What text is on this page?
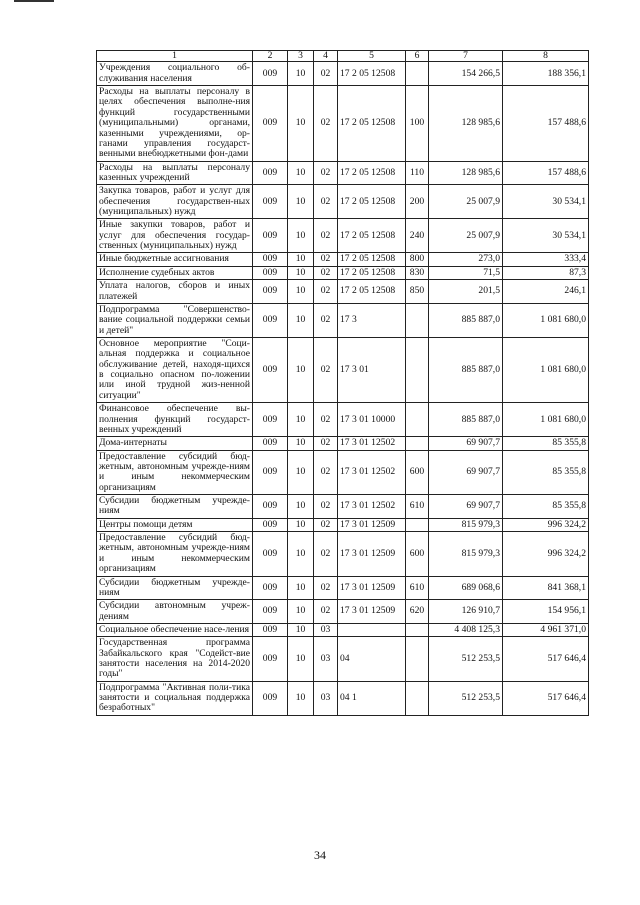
1	2	3	4	5	6	7	8
Учреждения социального об-служивания населения	009	10	02	17 2 05 12508		154 266,5	188 356,1
Расходы на выплаты персоналу в целях обеспечения выполне-ния функций государственными (муниципальными) органами, казенными учреждениями, ор-ганами управления государст-венными внебюджетными фон-дами	009	10	02	17 2 05 12508	100	128 985,6	157 488,6
Расходы на выплаты персоналу казенных учреждений	009	10	02	17 2 05 12508	110	128 985,6	157 488,6
Закупка товаров, работ и услуг для обеспечения государствен-ных (муниципальных) нужд	009	10	02	17 2 05 12508	200	25 007,9	30 534,1
Иные закупки товаров, работ и услуг для обеспечения государ-ственных (муниципальных) нужд	009	10	02	17 2 05 12508	240	25 007,9	30 534,1
Иные бюджетные ассигнования	009	10	02	17 2 05 12508	800	273,0	333,4
Исполнение судебных актов	009	10	02	17 2 05 12508	830	71,5	87,3
Уплата налогов, сборов и иных платежей	009	10	02	17 2 05 12508	850	201,5	246,1
Подпрограмма "Совершенство-вание социальной поддержки семьи и детей"	009	10	02	17 3		885 887,0	1 081 680,0
Основное мероприятие "Соци-альная поддержка и социальное обслуживание детей, находя-щихся в социально опасном по-ложении или иной трудной жиз-ненной ситуации"	009	10	02	17 3 01		885 887,0	1 081 680,0
Финансовое обеспечение вы-полнения функций государст-венных учреждений	009	10	02	17 3 01 10000		885 887,0	1 081 680,0
Дома-интернаты	009	10	02	17 3 01 12502		69 907,7	85 355,8
Предоставление субсидий бюд-жетным, автономным учрежде-ниям и иным некоммерческим организациям	009	10	02	17 3 01 12502	600	69 907,7	85 355,8
Субсидии бюджетным учрежде-ниям	009	10	02	17 3 01 12502	610	69 907,7	85 355,8
Центры помощи детям	009	10	02	17 3 01 12509		815 979,3	996 324,2
Предоставление субсидий бюд-жетным, автономным учрежде-ниям и иным некоммерческим организациям	009	10	02	17 3 01 12509	600	815 979,3	996 324,2
Субсидии бюджетным учрежде-ниям	009	10	02	17 3 01 12509	610	689 068,6	841 368,1
Субсидии автономным учреж-дениям	009	10	02	17 3 01 12509	620	126 910,7	154 956,1
Социальное обеспечение насе-ления	009	10	03			4 408 125,3	4 961 371,0
Государственная программа Забайкальского края "Содейст-вие занятости населения на 2014-2020 годы"	009	10	03	04		512 253,5	517 646,4
Подпрограмма "Активная поли-тика занятости и социальная поддержка безработных"	009	10	03	04 1		512 253,5	517 646,4
34
